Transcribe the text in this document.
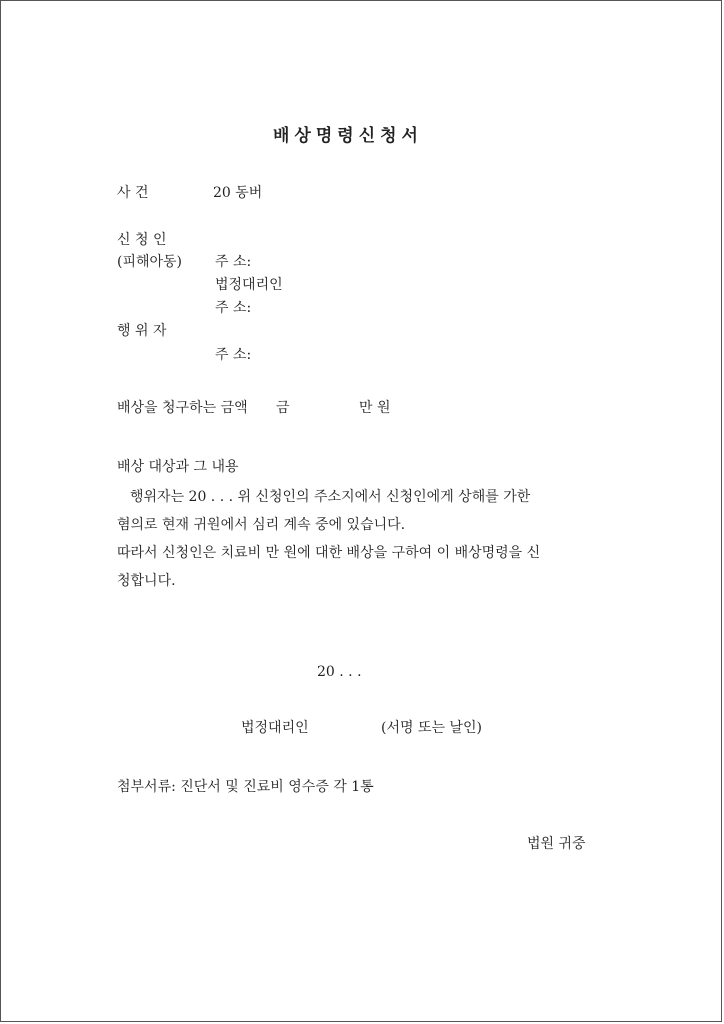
배상명령신청서
사 건	20 동버
신 청 인
(피해아동) 주 소:
법정대리인
주 소:
행 위 자
주 소:
배상을 청구하는 금액 금	만 원
배상 대상과 그 내용
행위자는 20 . . . 위 신청인의 주소지에서 신청인에게 상해를 가한
혐의로 현재 귀원에서 심리 계속 중에 있습니다.
따라서 신청인은 치료비 만 원에 대한 배상을 구하여 이 배상명령을 신
청합니다.
20 . . .
법정대리인	(서명 또는 날인)
첨부서류: 진단서 및 진료비 영수증 각 1통
법원 귀중
